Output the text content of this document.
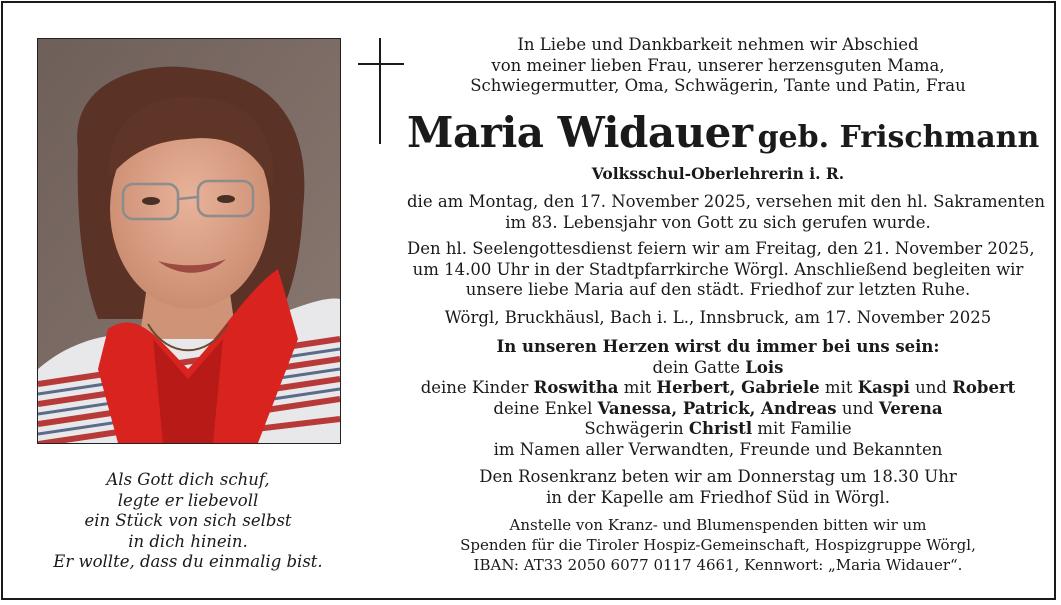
Als Gott dich schuf,
legte er liebevoll
ein Stück von sich selbst
in dich hinein.
Er wollte, dass du einmalig bist.
In Liebe und Dankbarkeit nehmen wir Abschied
von meiner lieben Frau, unserer herzensguten Mama,
Schwiegermutter, Oma, Schwägerin, Tante und Patin, Frau
Maria Widauer geb. Frischmann
Volksschul-Oberlehrerin i. R.
die am Montag, den 17. November 2025, versehen mit den hl. Sakramenten
im 83. Lebensjahr von Gott zu sich gerufen wurde.
Den hl. Seelengottesdienst feiern wir am Freitag, den 21. November 2025,
um 14.00 Uhr in der Stadtpfarrkirche Wörgl. Anschließend begleiten wir
unsere liebe Maria auf den städt. Friedhof zur letzten Ruhe.
Wörgl, Bruckhäusl, Bach i. L., Innsbruck, am 17. November 2025
In unseren Herzen wirst du immer bei uns sein:
dein Gatte Lois
deine Kinder Roswitha mit Herbert, Gabriele mit Kaspi und Robert
deine Enkel Vanessa, Patrick, Andreas und Verena
Schwägerin Christl mit Familie
im Namen aller Verwandten, Freunde und Bekannten
Den Rosenkranz beten wir am Donnerstag um 18.30 Uhr
in der Kapelle am Friedhof Süd in Wörgl.
Anstelle von Kranz- und Blumenspenden bitten wir um
Spenden für die Tiroler Hospiz-Gemeinschaft, Hospizgruppe Wörgl,
IBAN: AT33 2050 6077 0117 4661, Kennwort: „Maria Widauer“.
